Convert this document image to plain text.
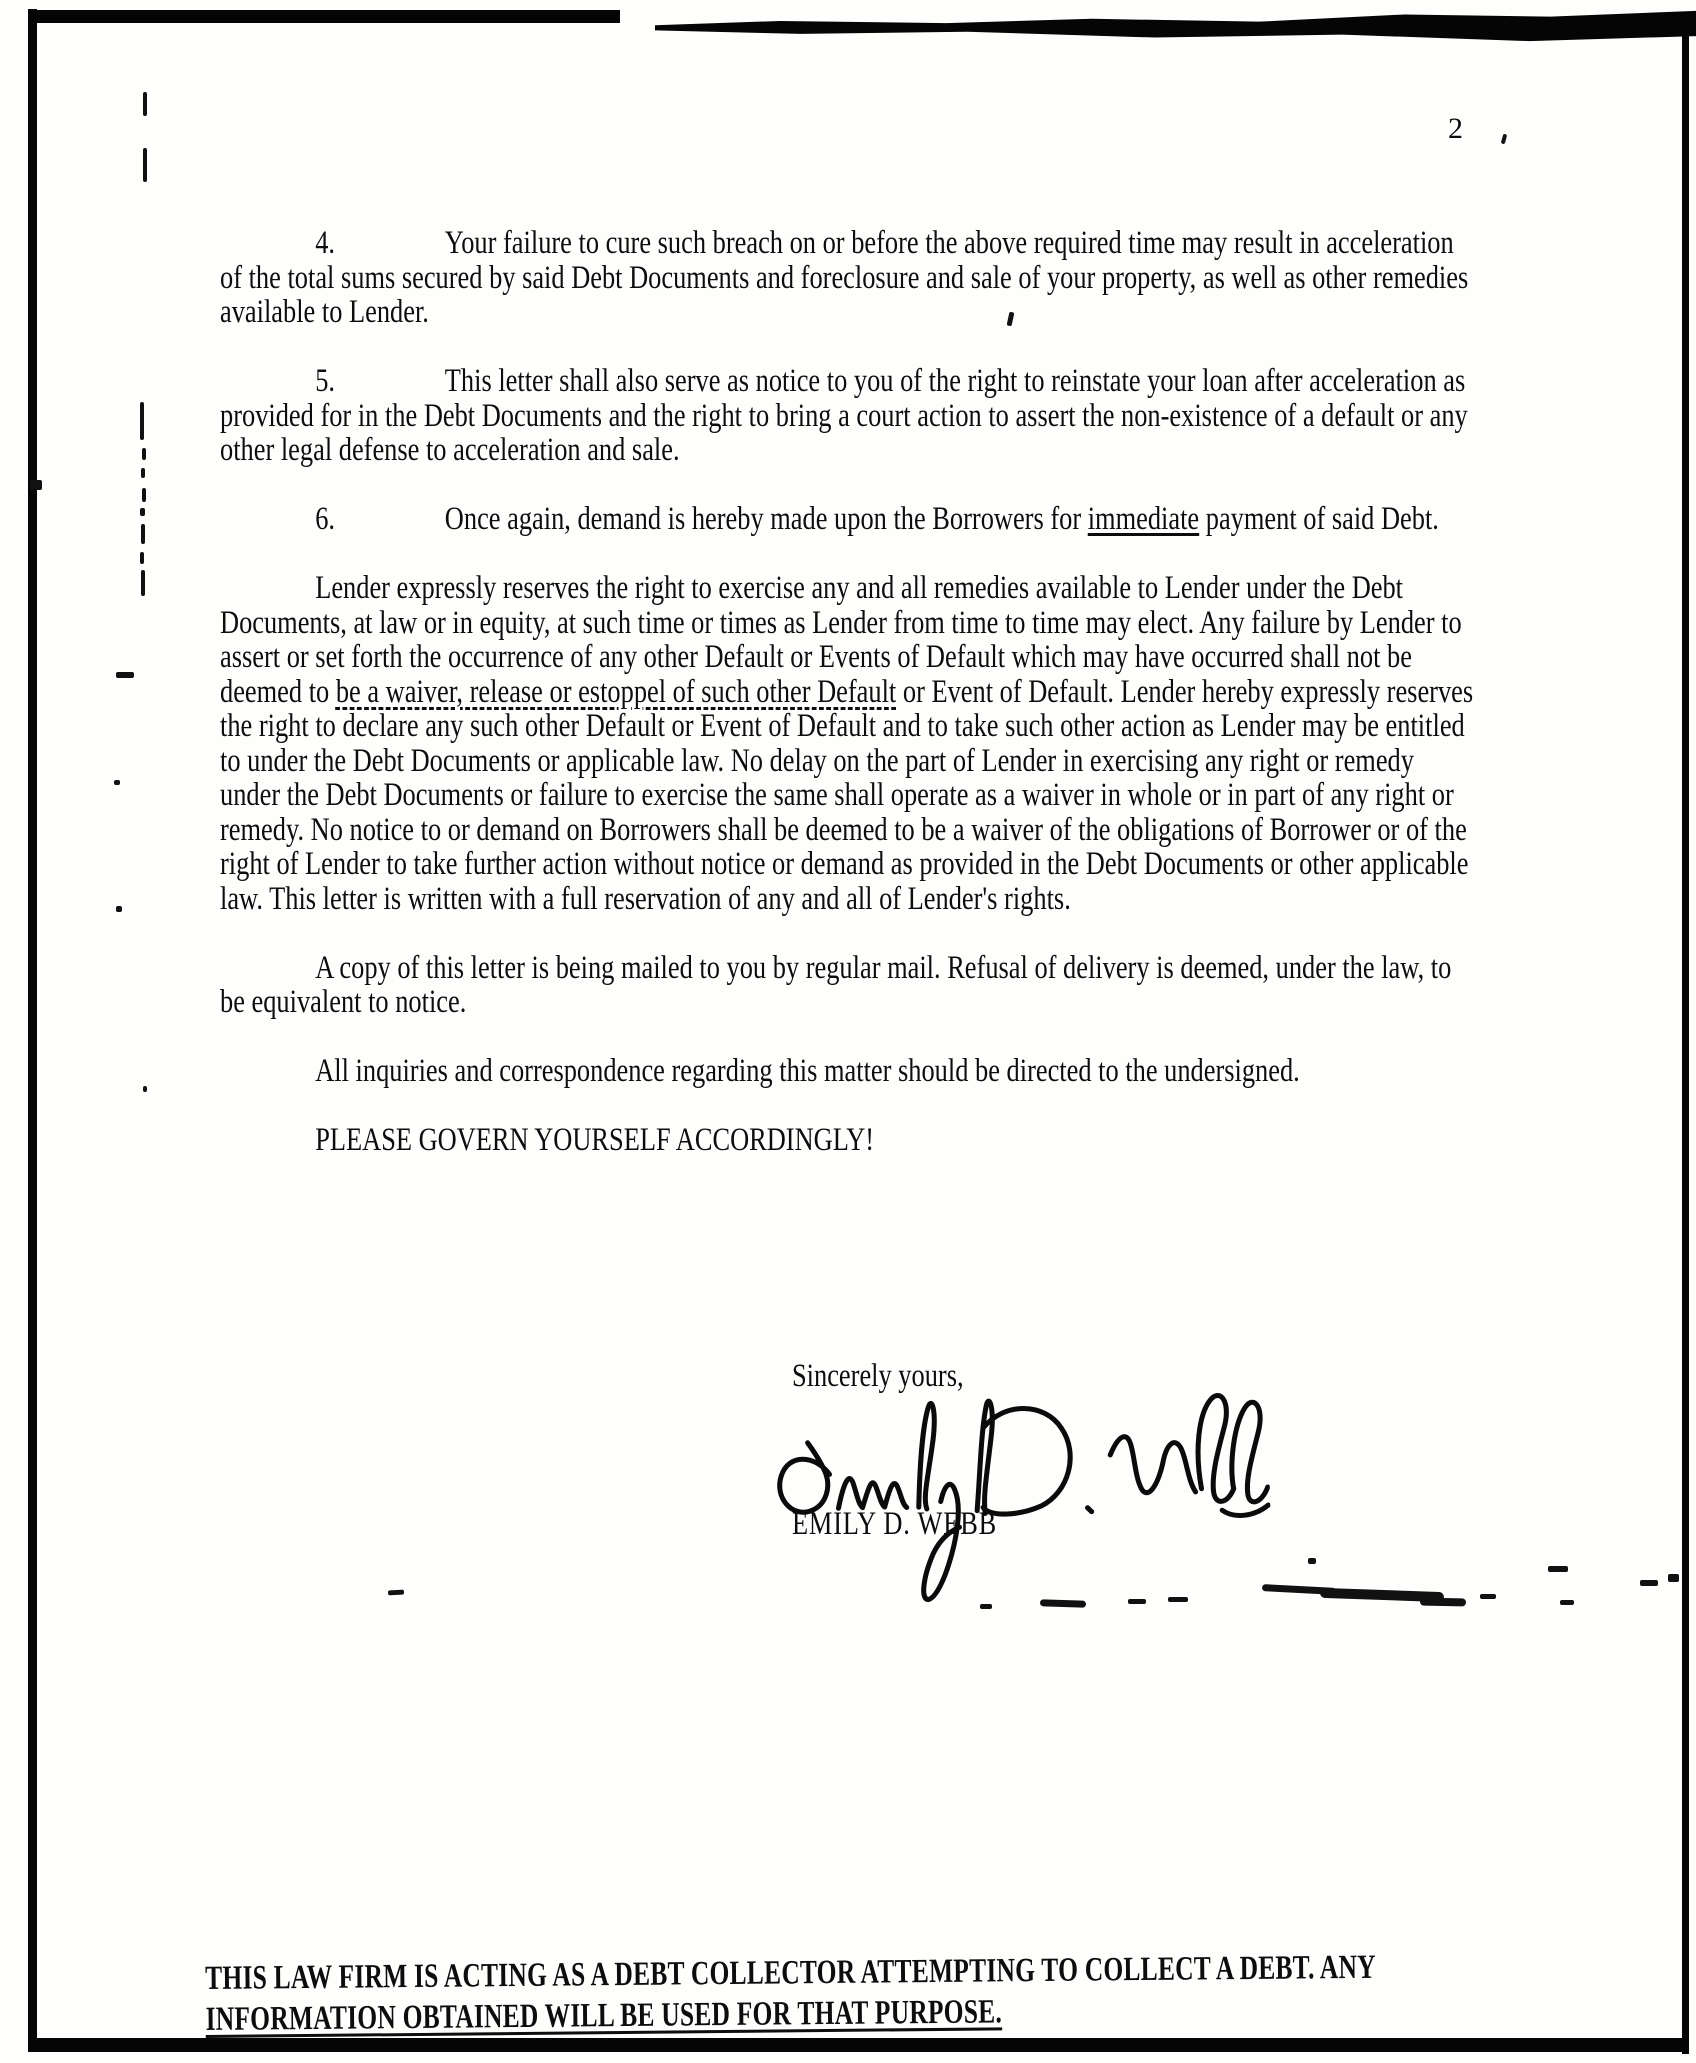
2

4.	Your failure to cure such breach on or before the above required time may result in acceleration of the total sums secured by said Debt Documents and foreclosure and sale of your property, as well as other remedies available to Lender.

5.	This letter shall also serve as notice to you of the right to reinstate your loan after acceleration as provided for in the Debt Documents and the right to bring a court action to assert the non-existence of a default or any other legal defense to acceleration and sale.

6.	Once again, demand is hereby made upon the Borrowers for immediate payment of said Debt.

Lender expressly reserves the right to exercise any and all remedies available to Lender under the Debt Documents, at law or in equity, at such time or times as Lender from time to time may elect. Any failure by Lender to assert or set forth the occurrence of any other Default or Events of Default which may have occurred shall not be deemed to be a waiver, release or estoppel of such other Default or Event of Default. Lender hereby expressly reserves the right to declare any such other Default or Event of Default and to take such other action as Lender may be entitled to under the Debt Documents or applicable law. No delay on the part of Lender in exercising any right or remedy under the Debt Documents or failure to exercise the same shall operate as a waiver in whole or in part of any right or remedy. No notice to or demand on Borrowers shall be deemed to be a waiver of the obligations of Borrower or of the right of Lender to take further action without notice or demand as provided in the Debt Documents or other applicable law. This letter is written with a full reservation of any and all of Lender's rights.

A copy of this letter is being mailed to you by regular mail. Refusal of delivery is deemed, under the law, to be equivalent to notice.

All inquiries and correspondence regarding this matter should be directed to the undersigned.

PLEASE GOVERN YOURSELF ACCORDINGLY!

Sincerely yours,
EMILY D. WEBB
THIS LAW FIRM IS ACTING AS A DEBT COLLECTOR ATTEMPTING TO COLLECT A DEBT. ANY
INFORMATION OBTAINED WILL BE USED FOR THAT PURPOSE.
